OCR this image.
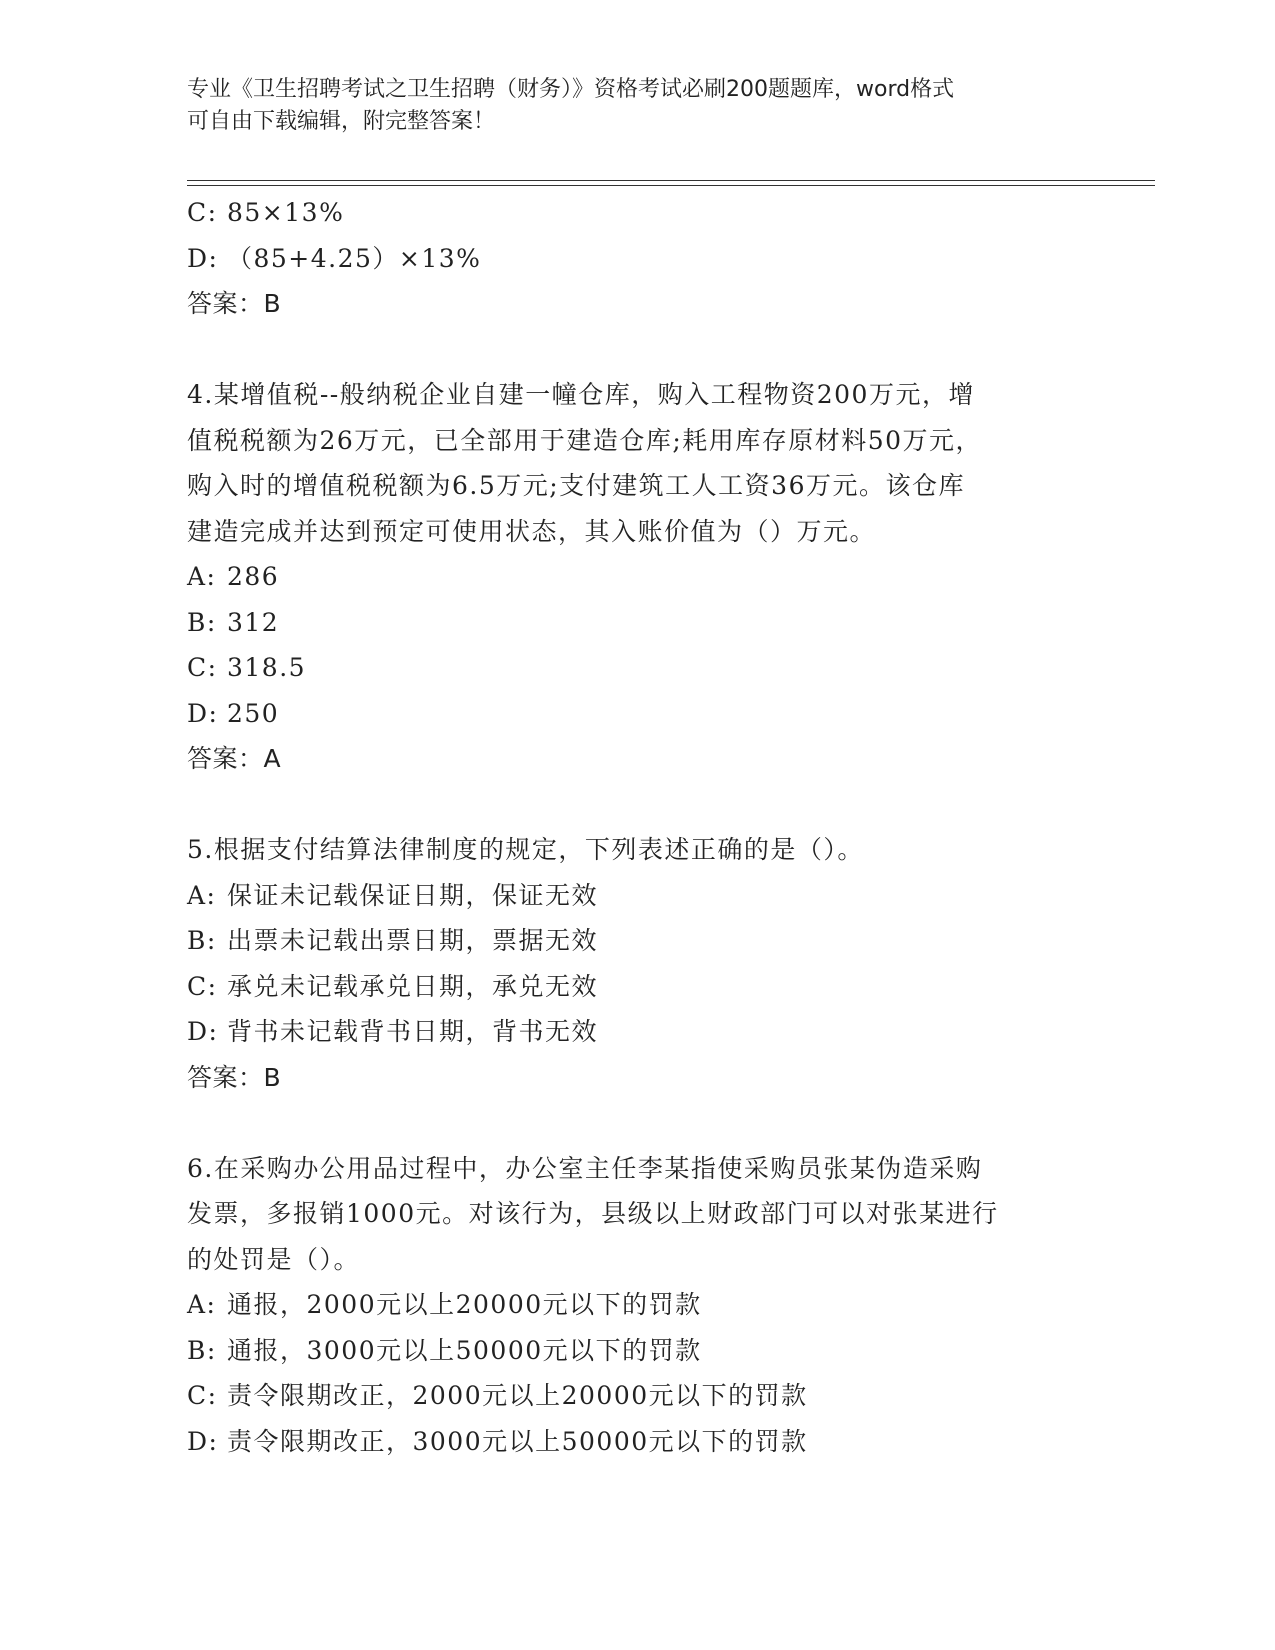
专业《卫生招聘考试之卫生招聘（财务）》资格考试必刷200题题库，word格式
可自由下载编辑，附完整答案！
C: 85×13%
D: （85+4.25）×13%
答案：B
4.某增值税--般纳税企业自建一幢仓库，购入工程物资200万元，增
值税税额为26万元，已全部用于建造仓库;耗用库存原材料50万元，
购入时的增值税税额为6.5万元;支付建筑工人工资36万元。该仓库
建造完成并达到预定可使用状态，其入账价值为（）万元。
A: 286
B: 312
C: 318.5
D: 250
答案：A
5.根据支付结算法律制度的规定，下列表述正确的是（）。
A: 保证未记载保证日期，保证无效
B: 出票未记载出票日期，票据无效
C: 承兑未记载承兑日期，承兑无效
D: 背书未记载背书日期，背书无效
答案：B
6.在采购办公用品过程中，办公室主任李某指使采购员张某伪造采购
发票，多报销1000元。对该行为，县级以上财政部门可以对张某进行
的处罚是（）。
A: 通报，2000元以上20000元以下的罚款
B: 通报，3000元以上50000元以下的罚款
C: 责令限期改正，2000元以上20000元以下的罚款
D: 责令限期改正，3000元以上50000元以下的罚款
